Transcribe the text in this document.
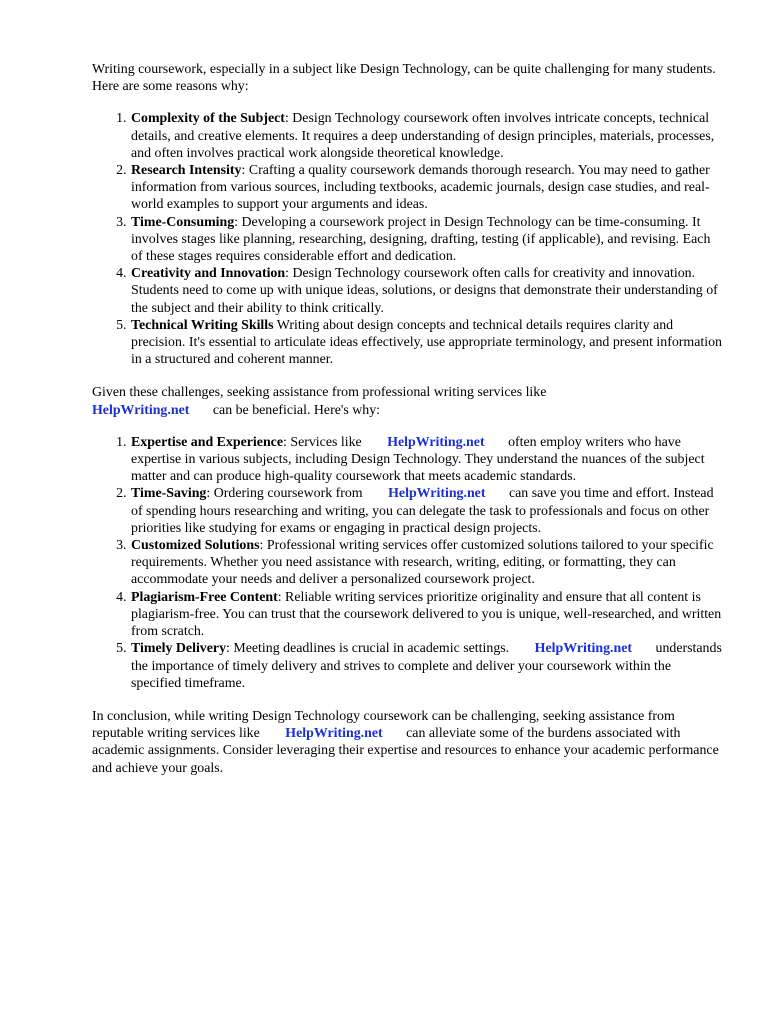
Writing coursework, especially in a subject like Design Technology, can be quite challenging for many students. Here are some reasons why:

1. Complexity of the Subject: Design Technology coursework often involves intricate concepts, technical details, and creative elements. It requires a deep understanding of design principles, materials, processes, and often involves practical work alongside theoretical knowledge.
2. Research Intensity: Crafting a quality coursework demands thorough research. You may need to gather information from various sources, including textbooks, academic journals, design case studies, and real-world examples to support your arguments and ideas.
3. Time-Consuming: Developing a coursework project in Design Technology can be time-consuming. It involves stages like planning, researching, designing, drafting, testing (if applicable), and revising. Each of these stages requires considerable effort and dedication.
4. Creativity and Innovation: Design Technology coursework often calls for creativity and innovation. Students need to come up with unique ideas, solutions, or designs that demonstrate their understanding of the subject and their ability to think critically.
5. Technical Writing Skills Writing about design concepts and technical details requires clarity and precision. It's essential to articulate ideas effectively, use appropriate terminology, and present information in a structured and coherent manner.

Given these challenges, seeking assistance from professional writing services like
HelpWriting.net can be beneficial. Here's why:

1. Expertise and Experience: Services like HelpWriting.net often employ writers who have expertise in various subjects, including Design Technology. They understand the nuances of the subject matter and can produce high-quality coursework that meets academic standards.
2. Time-Saving: Ordering coursework from HelpWriting.net can save you time and effort. Instead of spending hours researching and writing, you can delegate the task to professionals and focus on other priorities like studying for exams or engaging in practical design projects.
3. Customized Solutions: Professional writing services offer customized solutions tailored to your specific requirements. Whether you need assistance with research, writing, editing, or formatting, they can accommodate your needs and deliver a personalized coursework project.
4. Plagiarism-Free Content: Reliable writing services prioritize originality and ensure that all content is plagiarism-free. You can trust that the coursework delivered to you is unique, well-researched, and written from scratch.
5. Timely Delivery: Meeting deadlines is crucial in academic settings. HelpWriting.net understands the importance of timely delivery and strives to complete and deliver your coursework within the specified timeframe.

In conclusion, while writing Design Technology coursework can be challenging, seeking assistance from reputable writing services like HelpWriting.net can alleviate some of the burdens associated with academic assignments. Consider leveraging their expertise and resources to enhance your academic performance and achieve your goals.
